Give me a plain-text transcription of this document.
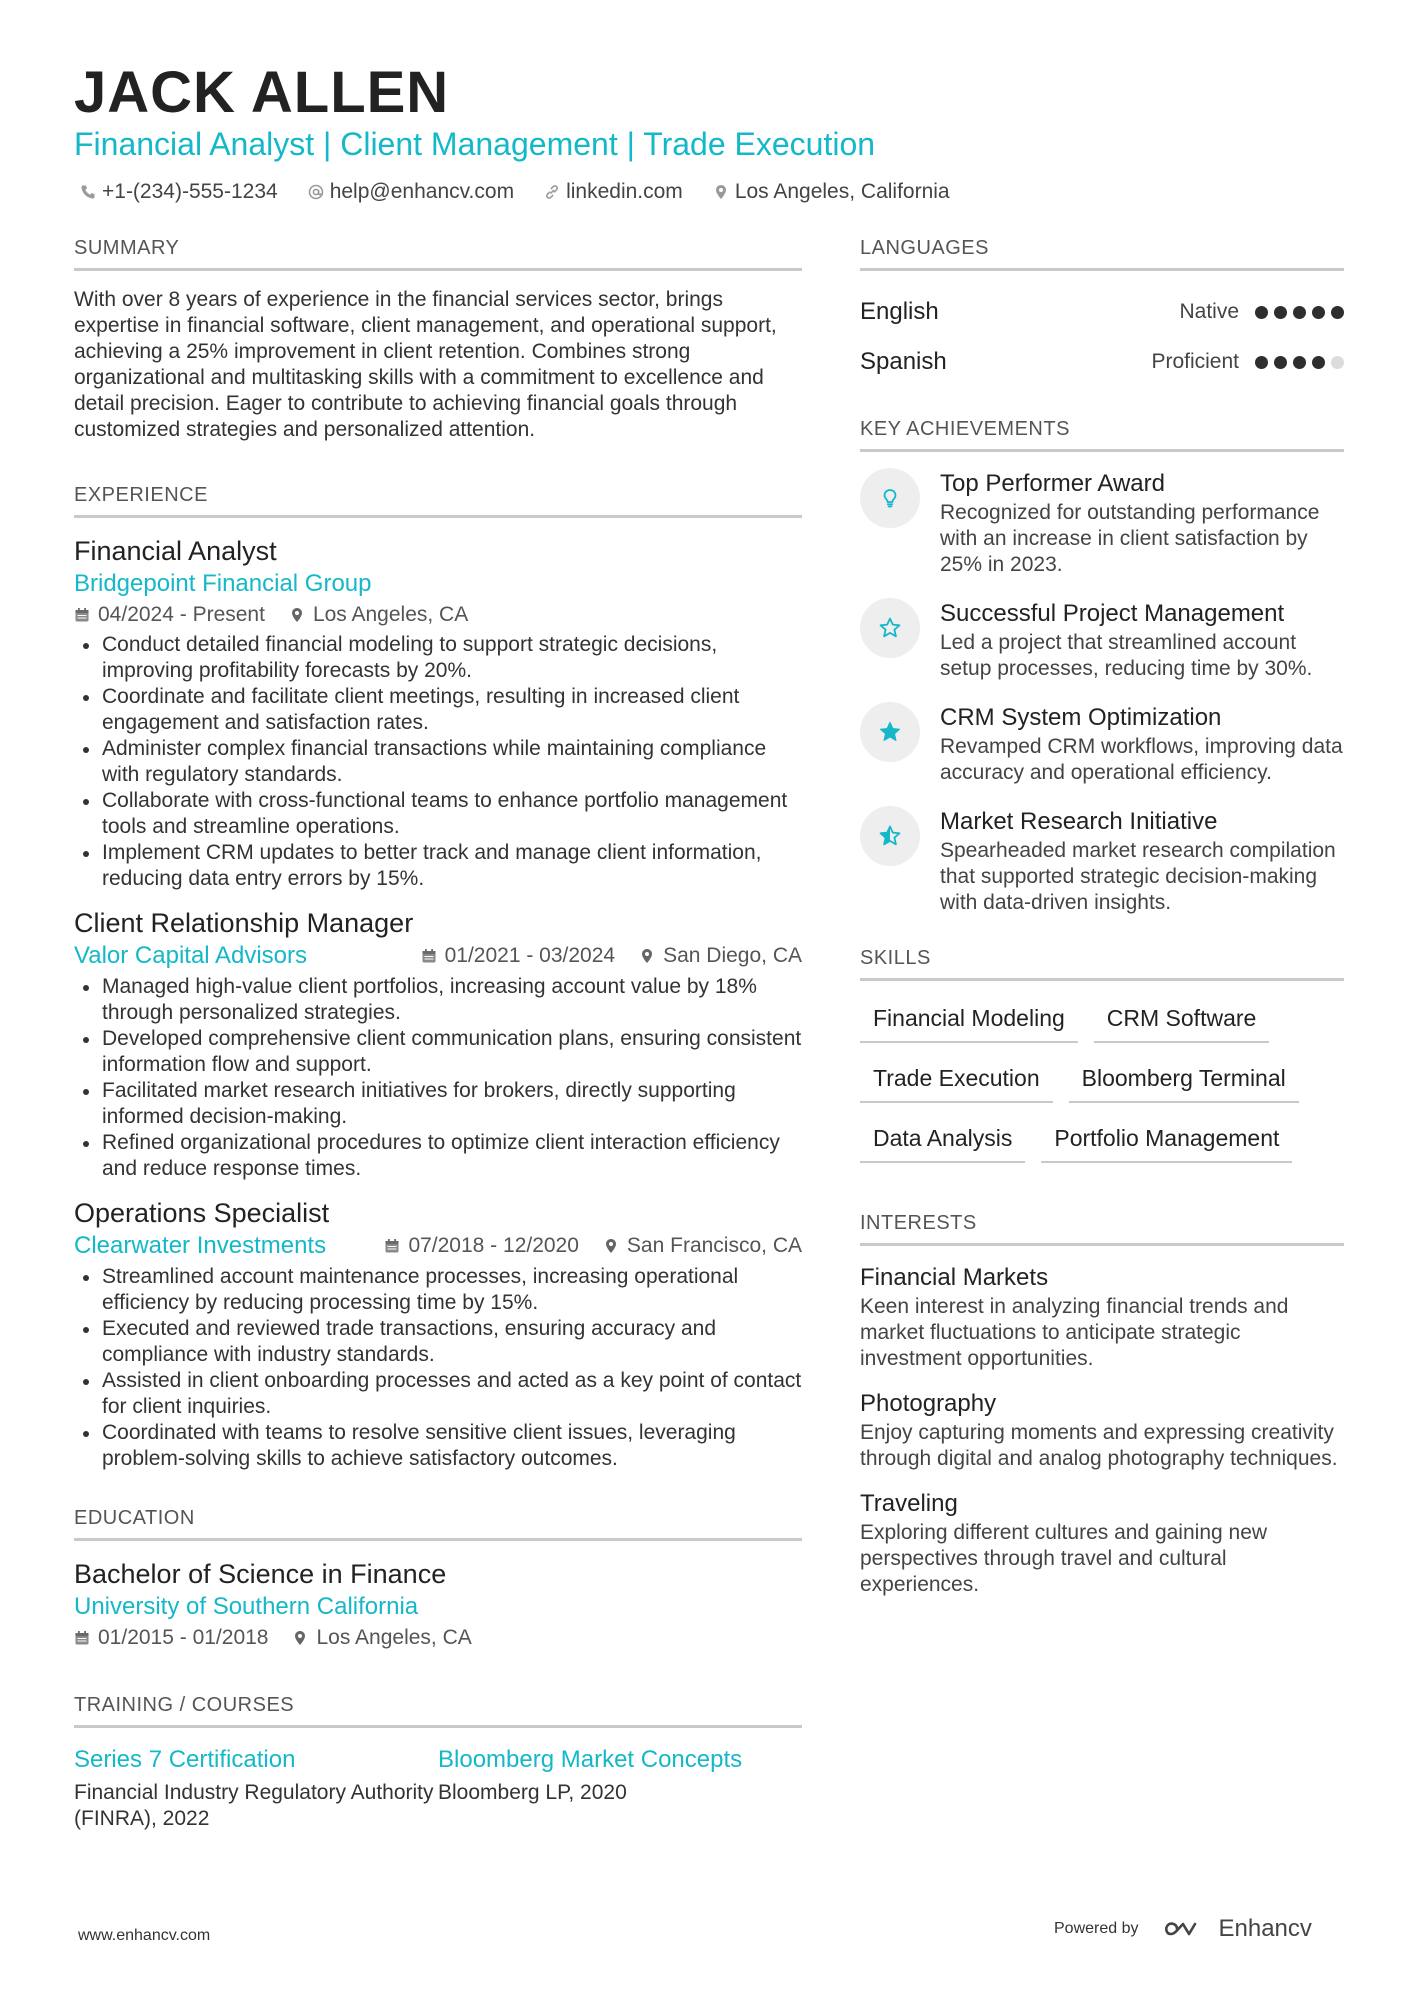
JACK ALLEN
Financial Analyst | Client Management | Trade Execution
+1-(234)-555-1234 help@enhancv.com linkedin.com Los Angeles, California
SUMMARY
With over 8 years of experience in the financial services sector, brings expertise in financial software, client management, and operational support, achieving a 25% improvement in client retention. Combines strong organizational and multitasking skills with a commitment to excellence and detail precision. Eager to contribute to achieving financial goals through customized strategies and personalized attention.
EXPERIENCE
Financial Analyst
Bridgepoint Financial Group
04/2024 - Present Los Angeles, CA
Conduct detailed financial modeling to support strategic decisions, improving profitability forecasts by 20%.
Coordinate and facilitate client meetings, resulting in increased client engagement and satisfaction rates.
Administer complex financial transactions while maintaining compliance with regulatory standards.
Collaborate with cross-functional teams to enhance portfolio management tools and streamline operations.
Implement CRM updates to better track and manage client information, reducing data entry errors by 15%.
Client Relationship Manager
Valor Capital Advisors	01/2021 - 03/2024 San Diego, CA
Managed high-value client portfolios, increasing account value by 18% through personalized strategies.
Developed comprehensive client communication plans, ensuring consistent information flow and support.
Facilitated market research initiatives for brokers, directly supporting informed decision-making.
Refined organizational procedures to optimize client interaction efficiency and reduce response times.
Operations Specialist
Clearwater Investments	07/2018 - 12/2020 San Francisco, CA
Streamlined account maintenance processes, increasing operational efficiency by reducing processing time by 15%.
Executed and reviewed trade transactions, ensuring accuracy and compliance with industry standards.
Assisted in client onboarding processes and acted as a key point of contact for client inquiries.
Coordinated with teams to resolve sensitive client issues, leveraging problem-solving skills to achieve satisfactory outcomes.
EDUCATION
Bachelor of Science in Finance
University of Southern California
01/2015 - 01/2018 Los Angeles, CA
TRAINING / COURSES
Series 7 Certification
Financial Industry Regulatory Authority (FINRA), 2022
Bloomberg Market Concepts
Bloomberg LP, 2020
LANGUAGES
English	Native
Spanish	Proficient
KEY ACHIEVEMENTS
Top Performer Award
Recognized for outstanding performance with an increase in client satisfaction by 25% in 2023.
Successful Project Management
Led a project that streamlined account setup processes, reducing time by 30%.
CRM System Optimization
Revamped CRM workflows, improving data accuracy and operational efficiency.
Market Research Initiative
Spearheaded market research compilation that supported strategic decision-making with data-driven insights.
SKILLS
Financial Modeling	CRM Software
Trade Execution	Bloomberg Terminal
Data Analysis	Portfolio Management
INTERESTS
Financial Markets
Keen interest in analyzing financial trends and market fluctuations to anticipate strategic investment opportunities.
Photography
Enjoy capturing moments and expressing creativity through digital and analog photography techniques.
Traveling
Exploring different cultures and gaining new perspectives through travel and cultural experiences.
www.enhancv.com	Powered by	Enhancv
